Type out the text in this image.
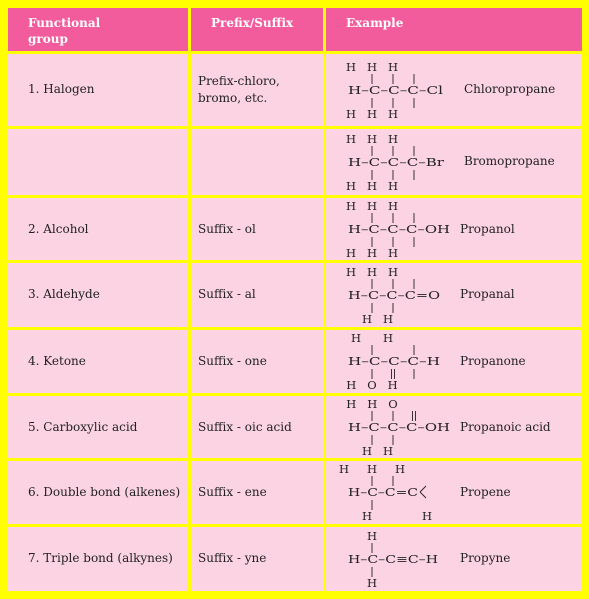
Functional group	Prefix/Suffix	Example
1. Halogen	Prefix-chloro, bromo, etc.	H   H   H
H–C–C–C–Cl
H   H   H
Chloropropane

H   H   H
H–C–C–C–Br
H   H   H
Bromopropane

2. Alcohol	Suffix - ol	H   H   H
H–C–C–C–OH
H   H   H
Propanol

3. Aldehyde	Suffix - al	H   H   H
H–C–C–C=O
H   H
Propanal

4. Ketone	Suffix - one	H   H
H–C–C–C–H
H   O   H
Propanone

5. Carboxylic acid	Suffix - oic acid	H   H   O
H–C–C–C–OH
H   H
Propanoic acid

6. Double bond (alkenes)	Suffix - ene	H   H   H
H–C–C=C
H   H
Propene

7. Triple bond (alkynes)	Suffix - yne	H
H–C–C≡C–H
H
Propyne
